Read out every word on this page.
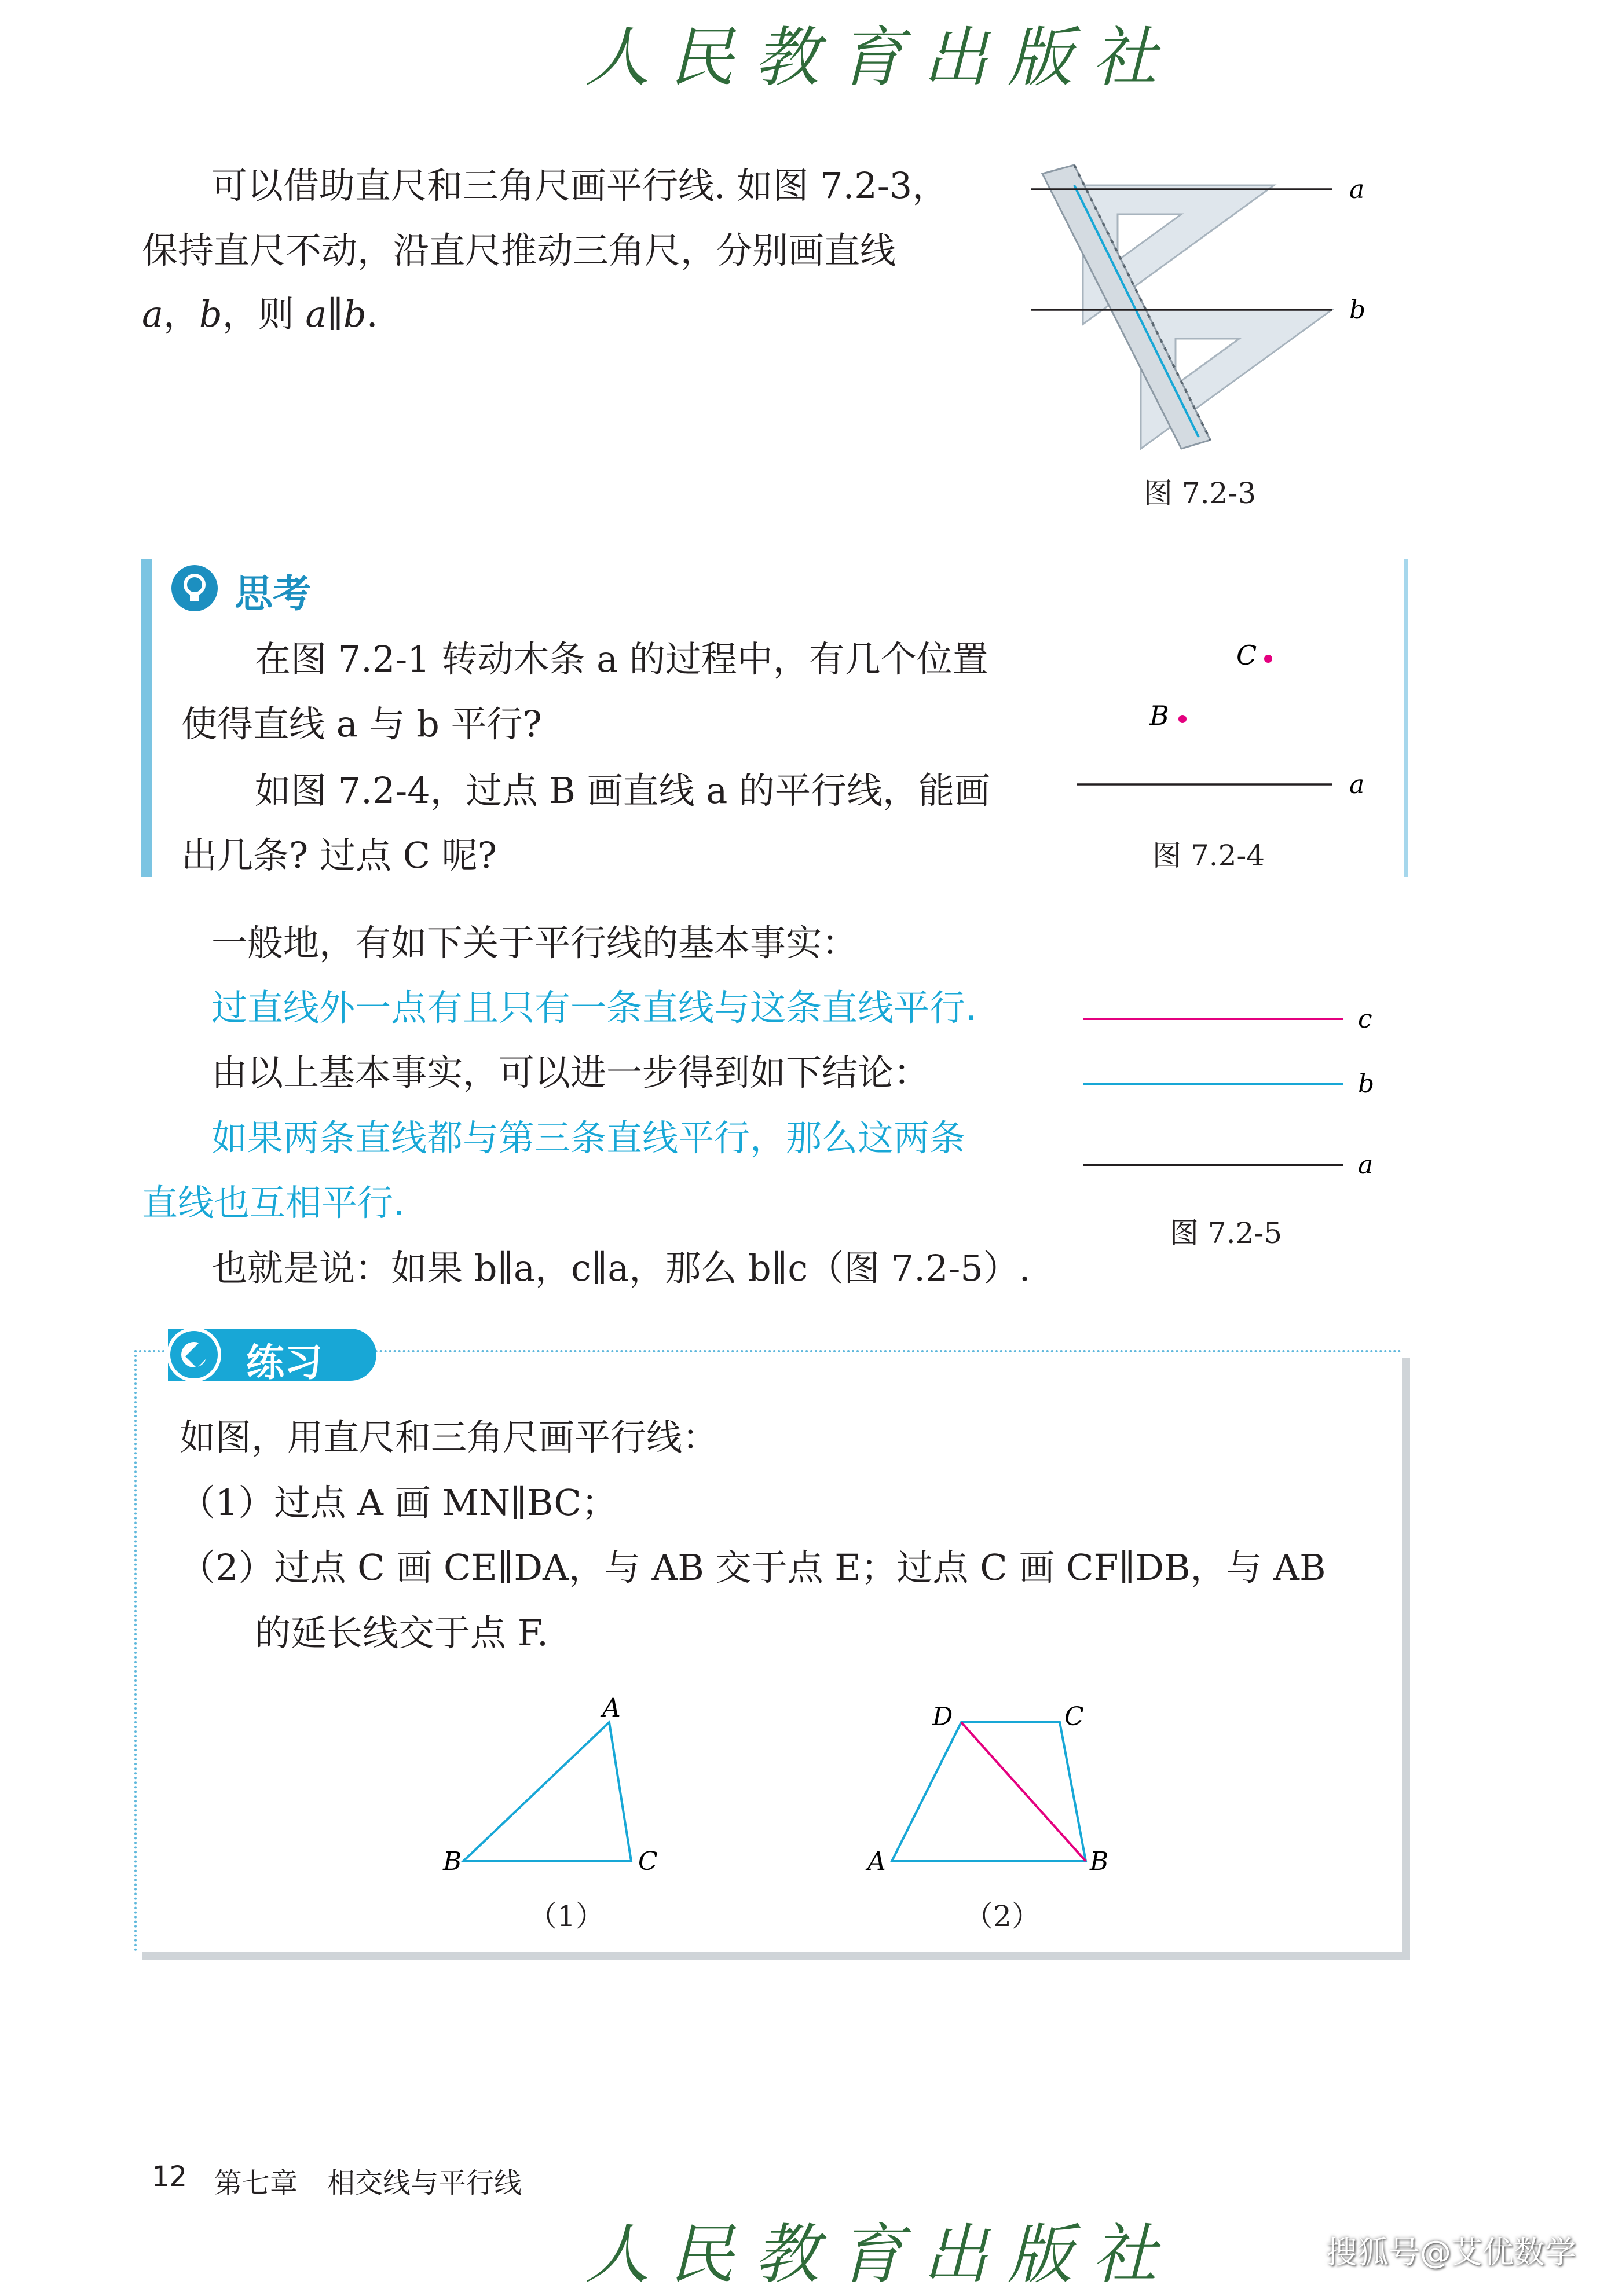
人民教育出版社
可以借助直尺和三角尺画平行线. 如图 7.2-3，
保持直尺不动，沿直尺推动三角尺，分别画直线
a，b，则 a∥b.
a
b
图 7.2-3
思考
在图 7.2-1 转动木条 a 的过程中，有几个位置
使得直线 a 与 b 平行?
如图 7.2-4，过点 B 画直线 a 的平行线，能画
出几条? 过点 C 呢?
C
B
a
图 7.2-4
一般地，有如下关于平行线的基本事实：
过直线外一点有且只有一条直线与这条直线平行.
由以上基本事实，可以进一步得到如下结论：
如果两条直线都与第三条直线平行，那么这两条
直线也互相平行.
也就是说：如果 b∥a，c∥a，那么 b∥c（图 7.2-5）.
c
b
a
图 7.2-5
练习
如图，用直尺和三角尺画平行线：
（1）过点 A 画 MN∥BC；
（2）过点 C 画 CE∥DA，与 AB 交于点 E；过点 C 画 CF∥DB，与 AB
的延长线交于点 F.
A
B	C
（1）
D	C
A	B
（2）
12 第七章 相交线与平行线
人民教育出版社	搜狐号@艾优数学
